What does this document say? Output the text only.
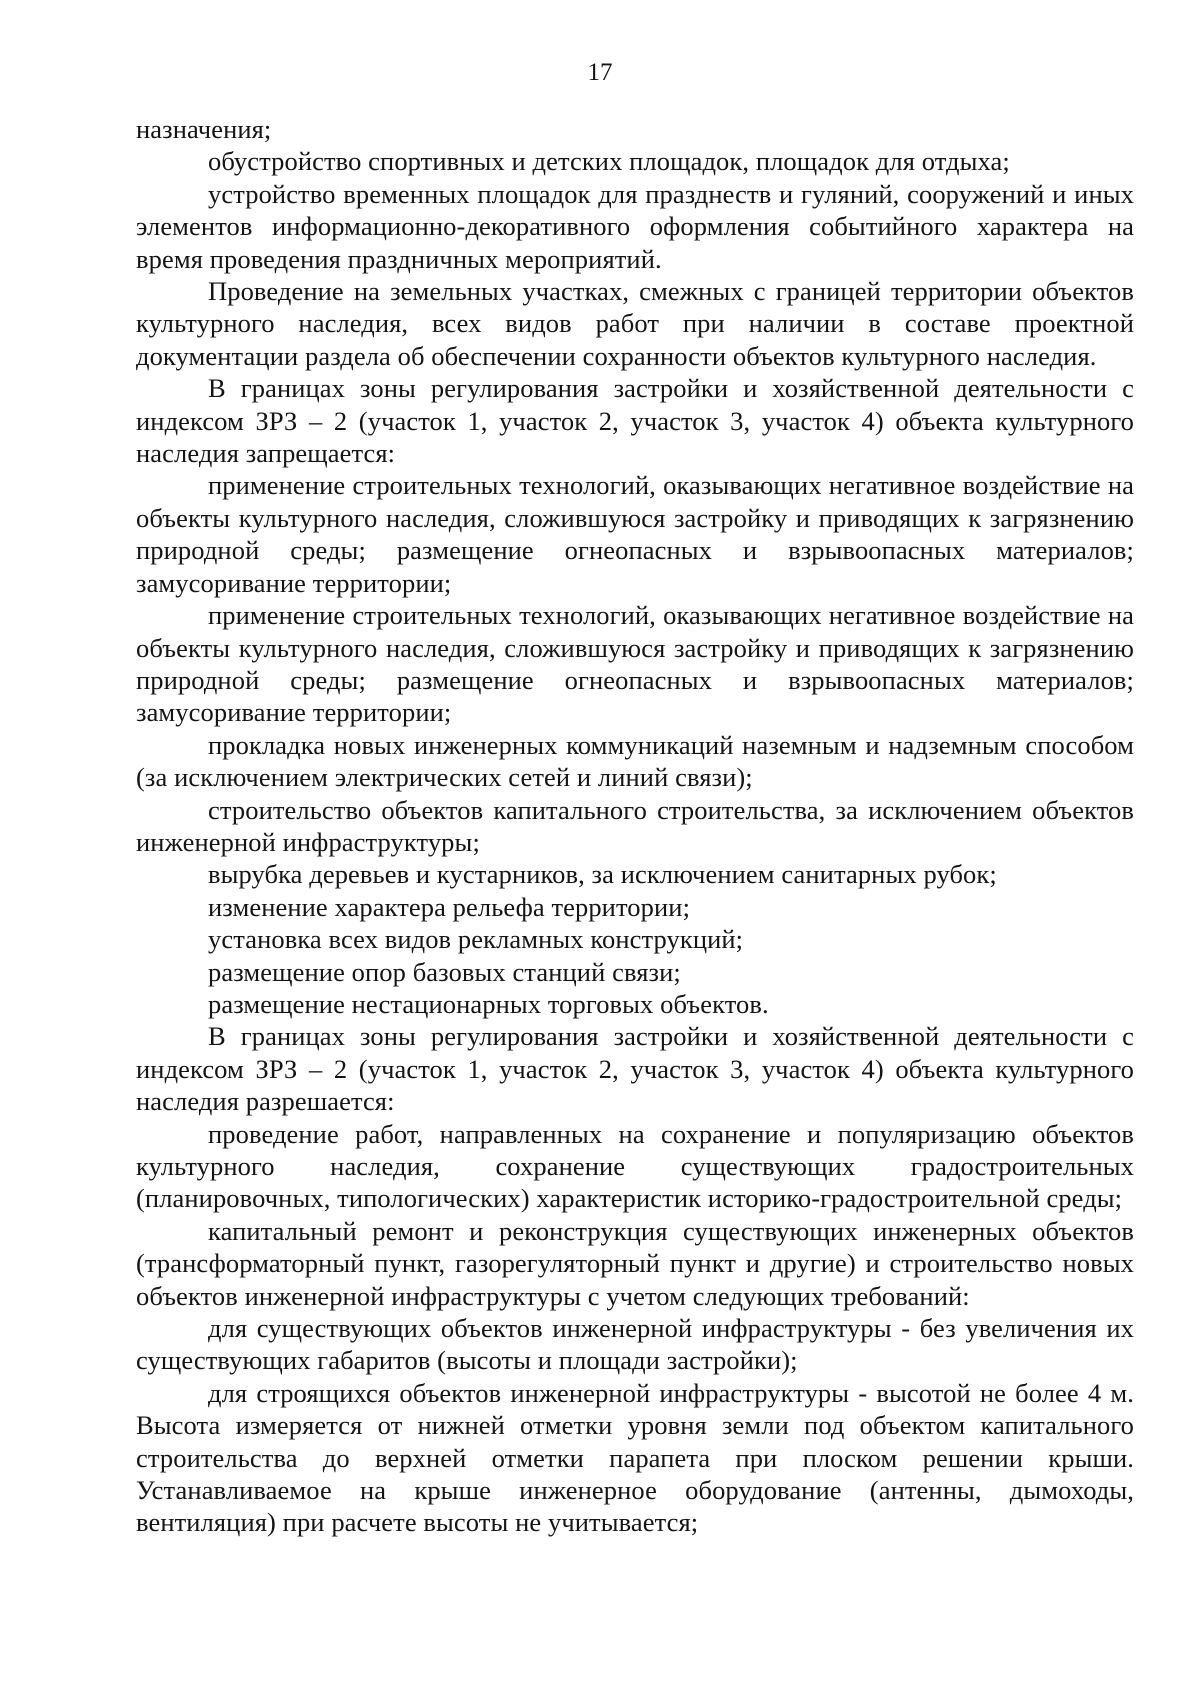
17

назначения;

обустройство спортивных и детских площадок, площадок для отдыха;

устройство временных площадок для празднеств и гуляний, сооружений и иных элементов информационно-декоративного оформления событийного характера на время проведения праздничных мероприятий.

Проведение на земельных участках, смежных с границей территории объектов культурного наследия, всех видов работ при наличии в составе проектной документации раздела об обеспечении сохранности объектов культурного наследия.

В границах зоны регулирования застройки и хозяйственной деятельности с индексом ЗРЗ – 2 (участок 1, участок 2, участок 3, участок 4) объекта культурного наследия запрещается:

применение строительных технологий, оказывающих негативное воздействие на объекты культурного наследия, сложившуюся застройку и приводящих к загрязнению природной среды; размещение огнеопасных и взрывоопасных материалов; замусоривание территории;

применение строительных технологий, оказывающих негативное воздействие на объекты культурного наследия, сложившуюся застройку и приводящих к загрязнению природной среды; размещение огнеопасных и взрывоопасных материалов; замусоривание территории;

прокладка новых инженерных коммуникаций наземным и надземным способом (за исключением электрических сетей и линий связи);

строительство объектов капитального строительства, за исключением объектов инженерной инфраструктуры;

вырубка деревьев и кустарников, за исключением санитарных рубок;

изменение характера рельефа территории;

установка всех видов рекламных конструкций;

размещение опор базовых станций связи;

размещение нестационарных торговых объектов.

В границах зоны регулирования застройки и хозяйственной деятельности с индексом ЗРЗ – 2 (участок 1, участок 2, участок 3, участок 4) объекта культурного наследия разрешается:

проведение работ, направленных на сохранение и популяризацию объектов культурного наследия, сохранение существующих градостроительных (планировочных, типологических) характеристик историко-градостроительной среды;

капитальный ремонт и реконструкция существующих инженерных объектов (трансформаторный пункт, газорегуляторный пункт и другие) и строительство новых объектов инженерной инфраструктуры с учетом следующих требований:

для существующих объектов инженерной инфраструктуры - без увеличения их существующих габаритов (высоты и площади застройки);

для строящихся объектов инженерной инфраструктуры - высотой не более 4 м. Высота измеряется от нижней отметки уровня земли под объектом капитального строительства до верхней отметки парапета при плоском решении крыши. Устанавливаемое на крыше инженерное оборудование (антенны, дымоходы, вентиляция) при расчете высоты не учитывается;
